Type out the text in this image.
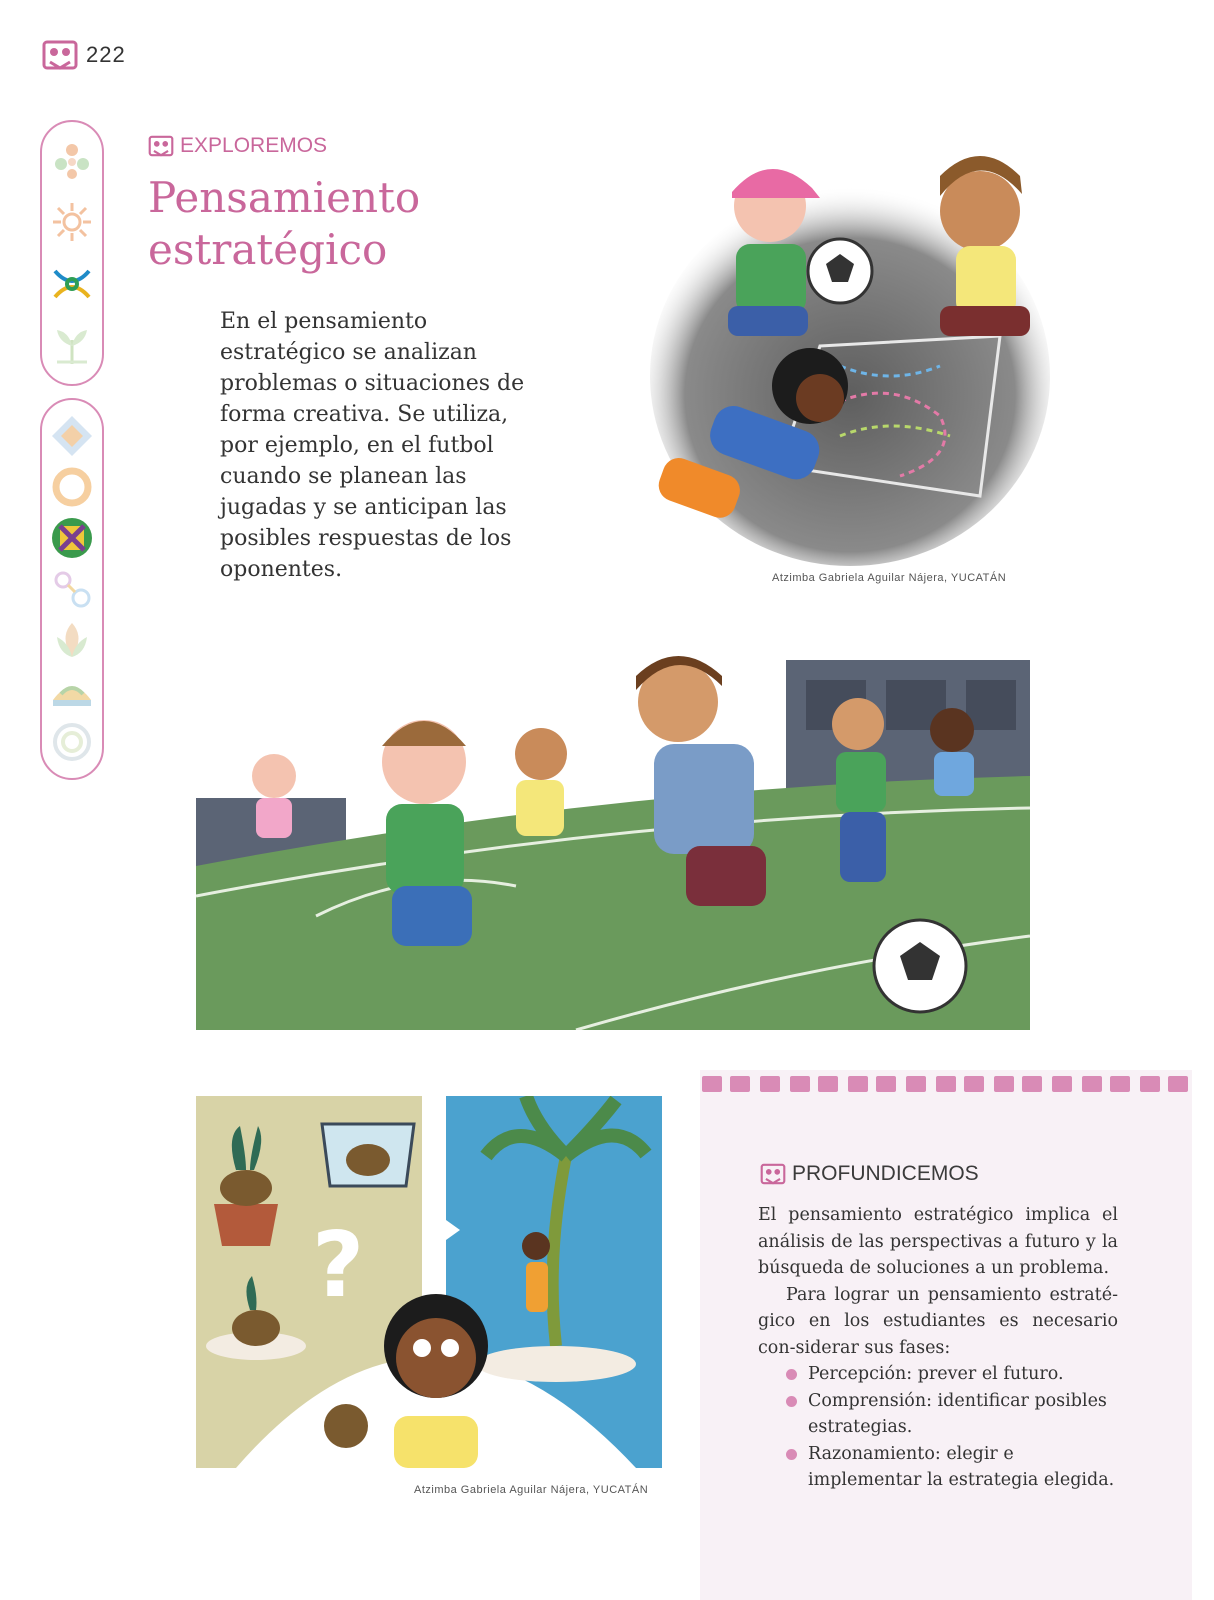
222
EXPLOREMOS
Pensamiento
estratégico

En el pensamiento estratégico se analizan problemas o situaciones de forma creativa. Se utiliza, por ejemplo, en el futbol cuando se planean las jugadas y se anticipan las posibles respuestas de los oponentes.	Atzimba Gabriela Aguilar Nájera, YUCATÁN
?
Atzimba Gabriela Aguilar Nájera, YUCATÁN
PROFUNDICEMOS

El pensamiento estratégico implica el análisis de las perspectivas a futuro y la búsqueda de soluciones a un problema.

Para lograr un pensamiento estraté-gico en los estudiantes es necesario con-siderar sus fases:

Percepción: prever el futuro.
Comprensión: identificar posibles estrategias.
Razonamiento: elegir e implementar la estrategia elegida.
